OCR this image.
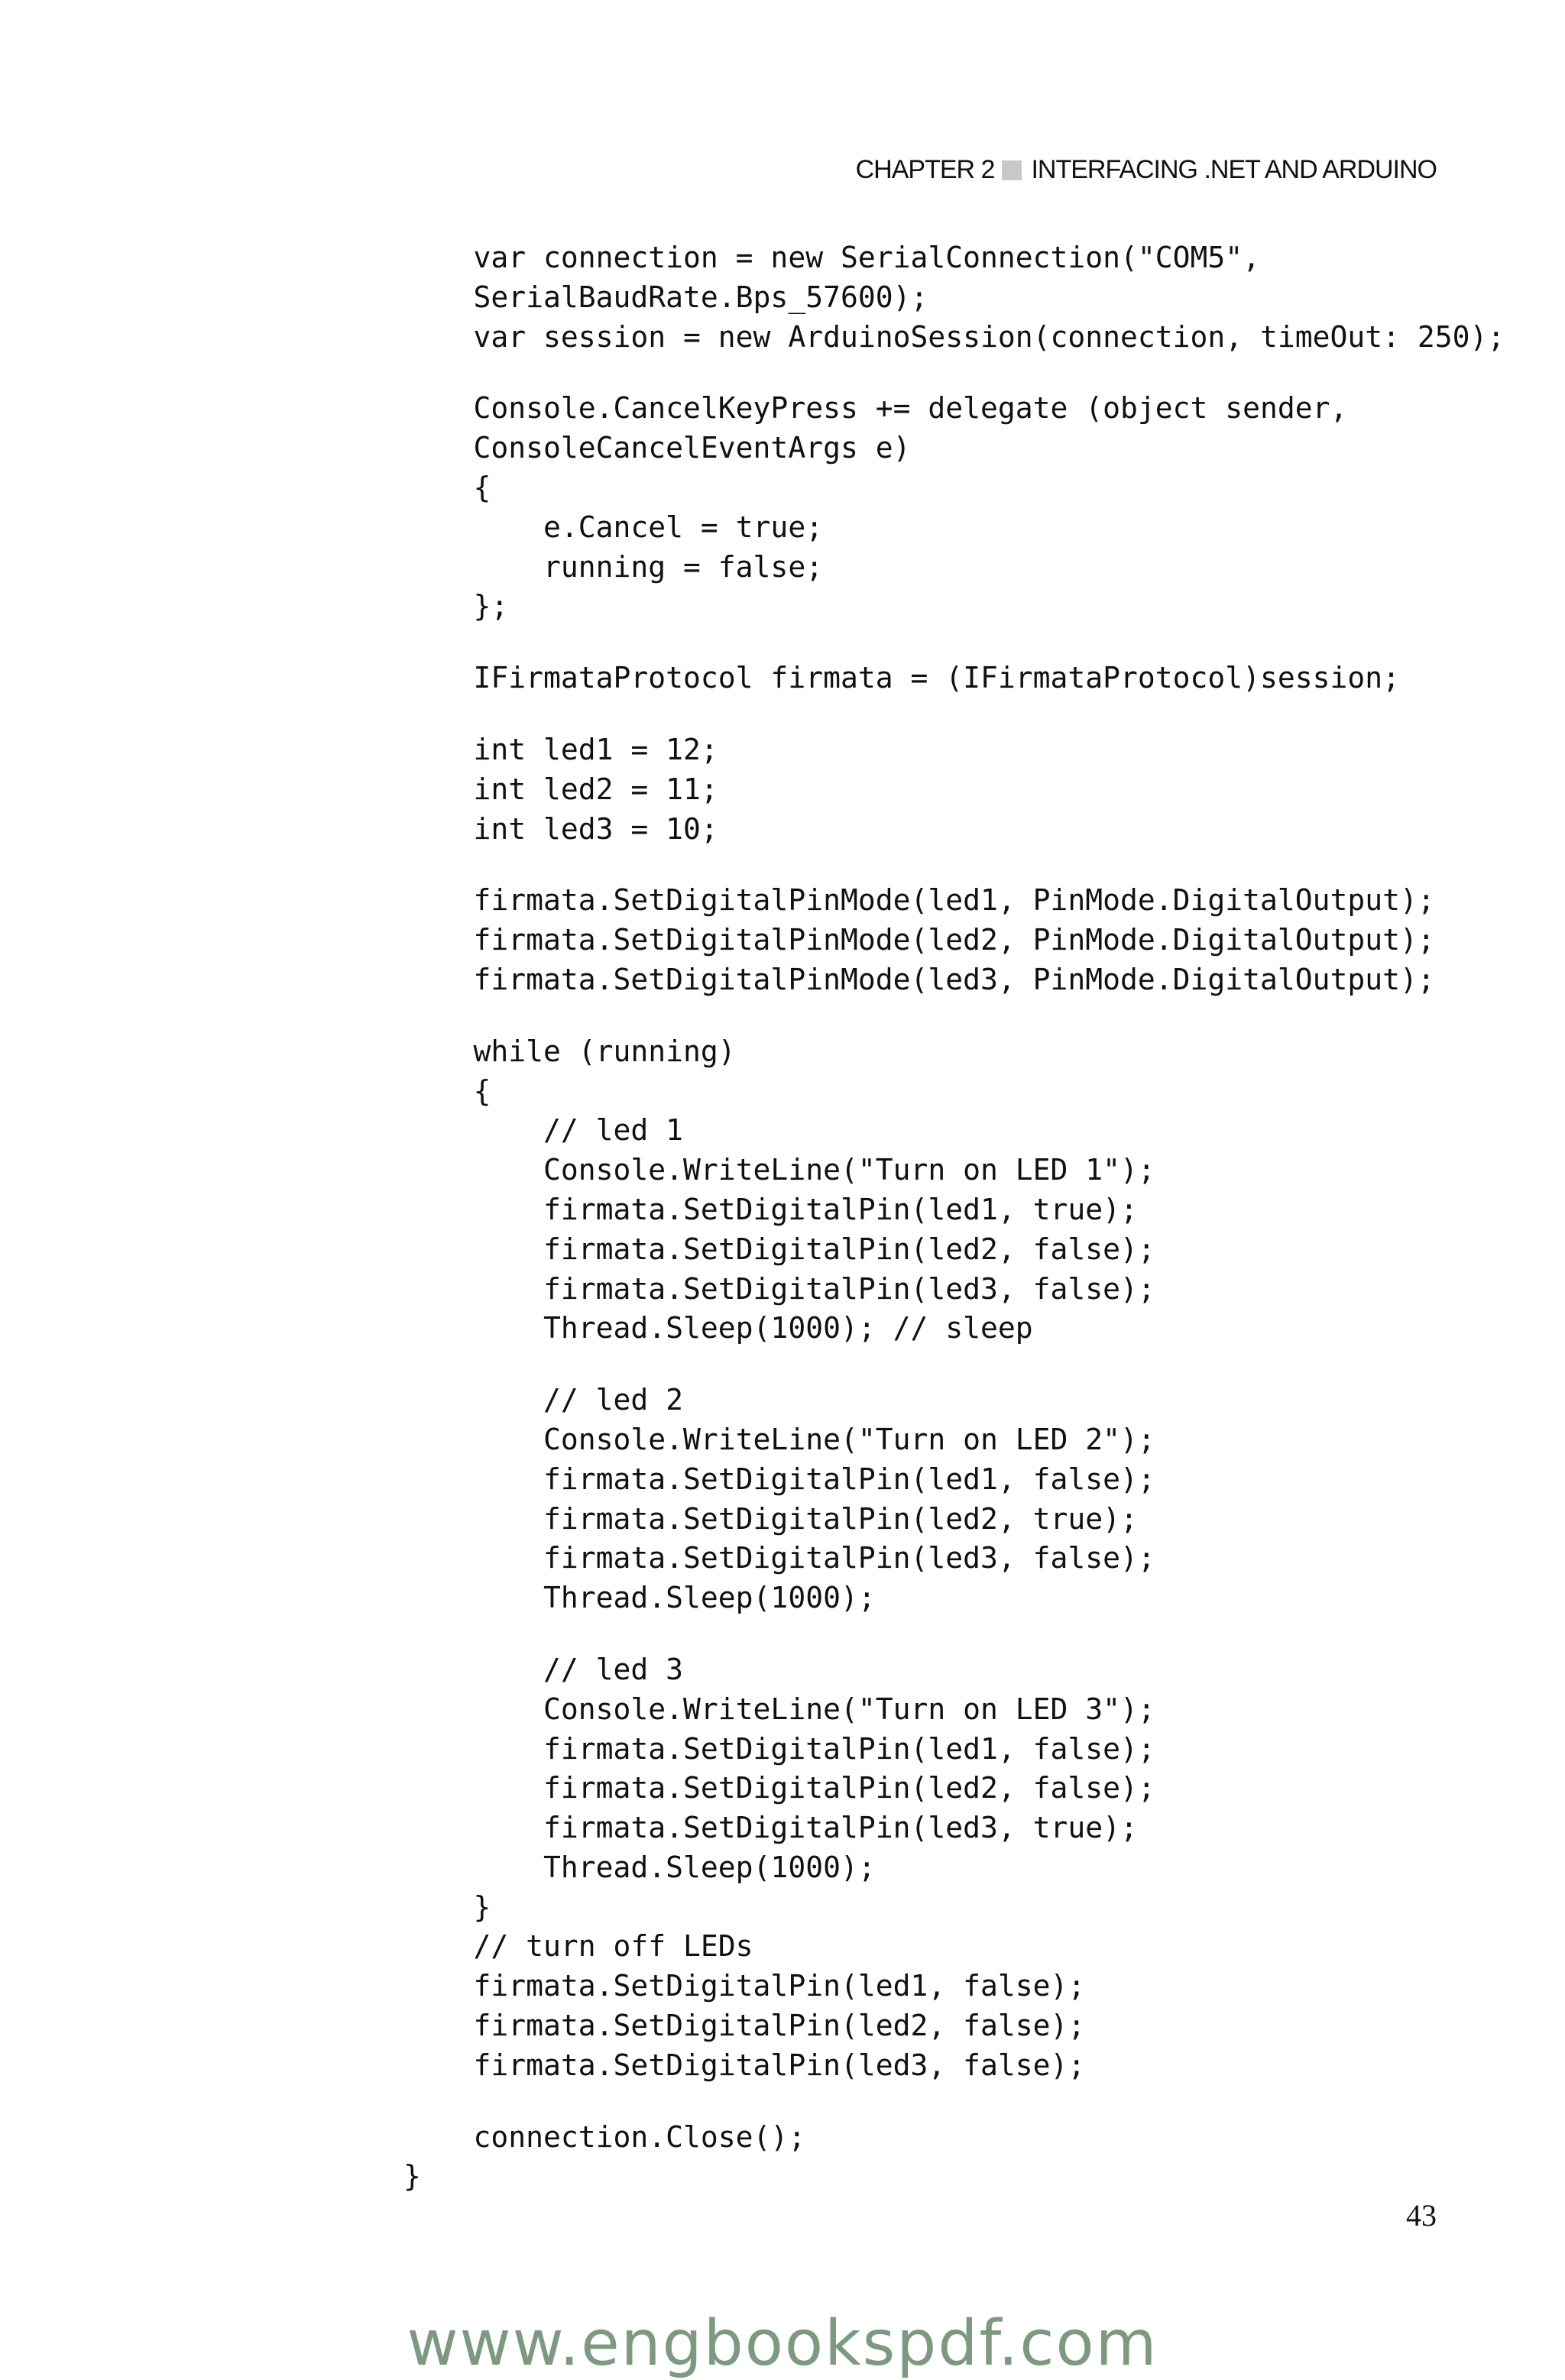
CHAPTER 2 INTERFACING .NET AND ARDUINO
var connection = new SerialConnection("COM5",
SerialBaudRate.Bps_57600);
var session = new ArduinoSession(connection, timeOut: 250);
Console.CancelKeyPress += delegate (object sender,
ConsoleCancelEventArgs e)
{
e.Cancel = true;
running = false;
};
IFirmataProtocol firmata = (IFirmataProtocol)session;
int led1 = 12;
int led2 = 11;
int led3 = 10;
firmata.SetDigitalPinMode(led1, PinMode.DigitalOutput);
firmata.SetDigitalPinMode(led2, PinMode.DigitalOutput);
firmata.SetDigitalPinMode(led3, PinMode.DigitalOutput);
while (running)
{
// led 1
Console.WriteLine("Turn on LED 1");
firmata.SetDigitalPin(led1, true);
firmata.SetDigitalPin(led2, false);
firmata.SetDigitalPin(led3, false);
Thread.Sleep(1000); // sleep
// led 2
Console.WriteLine("Turn on LED 2");
firmata.SetDigitalPin(led1, false);
firmata.SetDigitalPin(led2, true);
firmata.SetDigitalPin(led3, false);
Thread.Sleep(1000);
// led 3
Console.WriteLine("Turn on LED 3");
firmata.SetDigitalPin(led1, false);
firmata.SetDigitalPin(led2, false);
firmata.SetDigitalPin(led3, true);
Thread.Sleep(1000);
}
// turn off LEDs
firmata.SetDigitalPin(led1, false);
firmata.SetDigitalPin(led2, false);
firmata.SetDigitalPin(led3, false);
connection.Close();
}
43
www.engbookspdf.com
